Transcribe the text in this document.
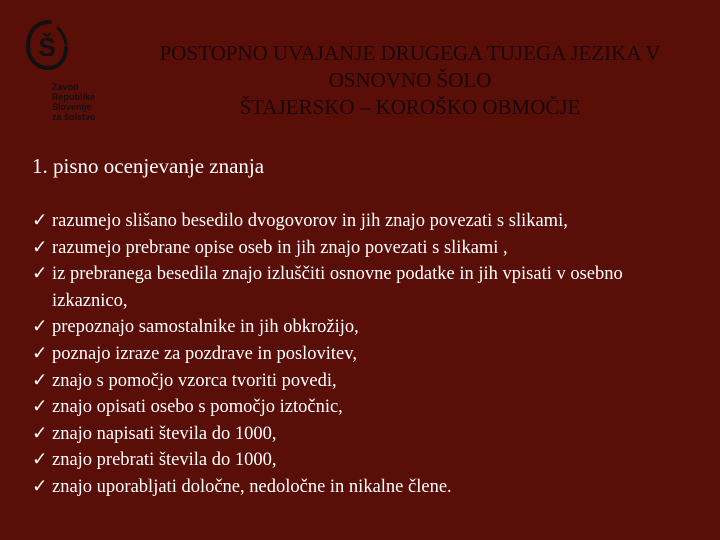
Š
Zavod
Republike
Slovenije
za šolstvo
POSTOPNO UVAJANJE DRUGEGA TUJEGA JEZIKA V
OSNOVNO ŠOLO
ŠTAJERSKO – KOROŠKO OBMOČJE
1. pisno ocenjevanje znanja
✓ razumejo slišano besedilo dvogovorov in jih znajo povezati s slikami,
✓ razumejo prebrane opise oseb in jih znajo povezati s slikami ,
✓ iz prebranega besedila znajo izluščiti osnovne podatke in jih vpisati v osebno izkaznico,
✓ prepoznajo samostalnike in jih obkrožijo,
✓ poznajo izraze za pozdrave in poslovitev,
✓ znajo s pomočjo vzorca tvoriti povedi,
✓ znajo opisati osebo s pomočjo iztočnic,
✓ znajo napisati števila do 1000,
✓ znajo prebrati števila do 1000,
✓ znajo uporabljati določne, nedoločne in nikalne člene.
